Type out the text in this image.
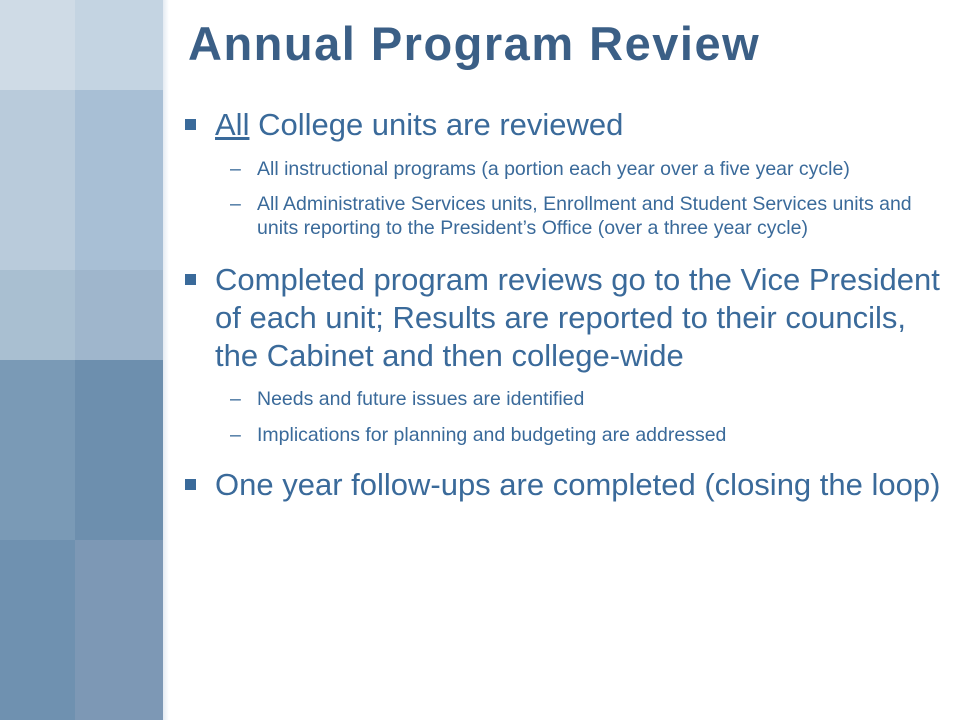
Annual Program Review
All College units are reviewed
– All instructional programs (a portion each year over a five year cycle)
– All Administrative Services units, Enrollment and Student Services units and units reporting to the President’s Office (over a three year cycle)
Completed program reviews go to the Vice President of each unit; Results are reported to their councils, the Cabinet and then college-wide
– Needs and future issues are identified
– Implications for planning and budgeting are addressed
One year follow-ups are completed (closing the loop)
